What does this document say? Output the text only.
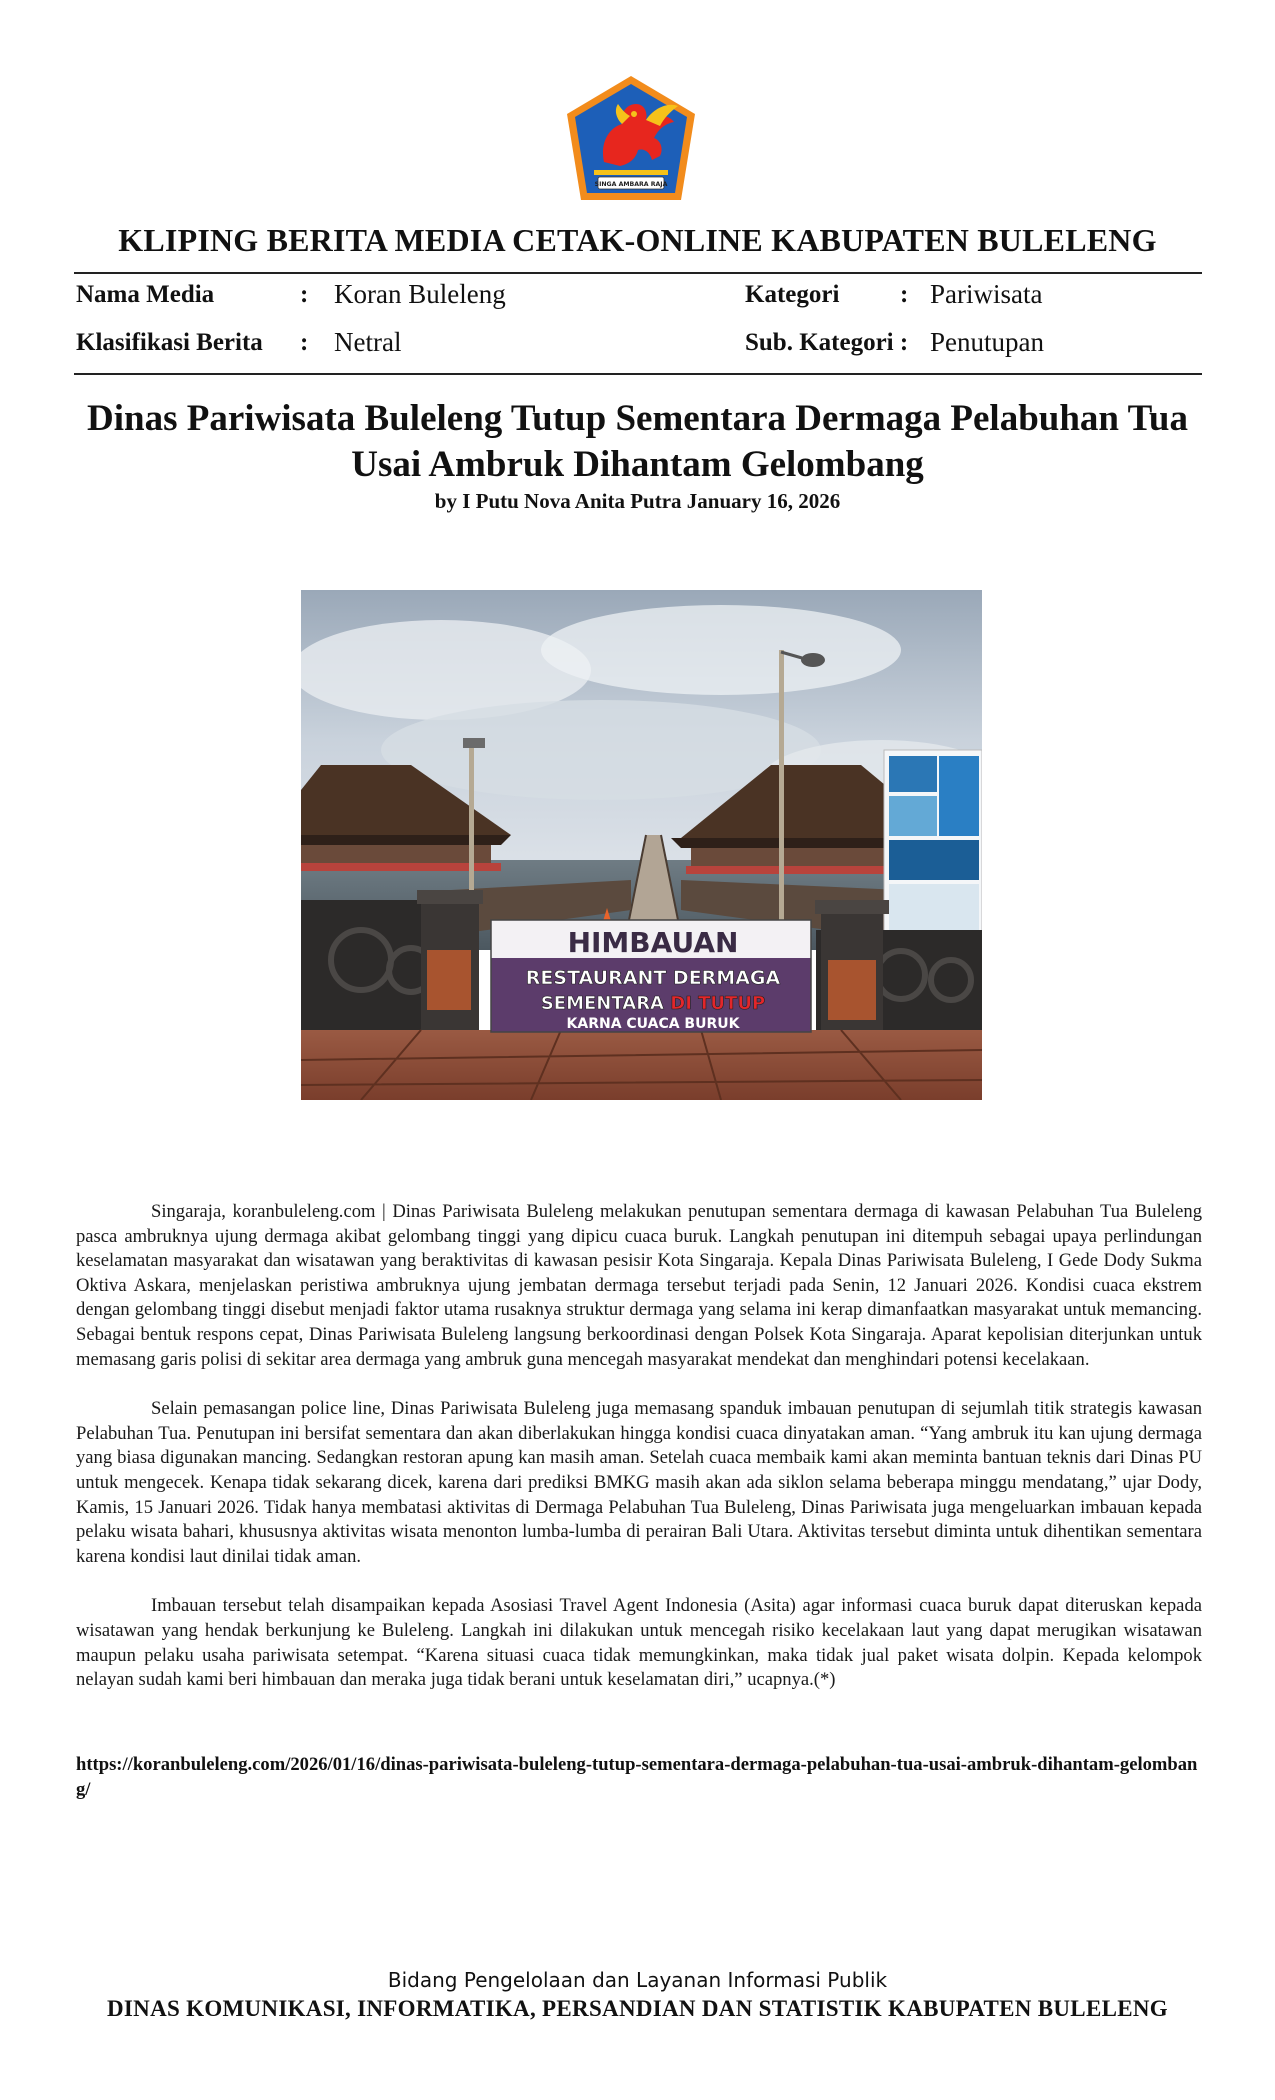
SINGA AMBARA RAJA
KLIPING BERITA MEDIA CETAK-ONLINE KABUPATEN BULELENG
Nama Media	: Koran Buleleng	Kategori : Pariwisata
Klasifikasi Berita : Netral	Sub. Kategori : Penutupan
Dinas Pariwisata Buleleng Tutup Sementara Dermaga Pelabuhan Tua Usai Ambruk Dihantam Gelombang
by I Putu Nova Anita Putra January 16, 2026
HIMBAUAN
RESTAURANT DERMAGA
SEMENTARA DI TUTUP
KARNA CUACA BURUK

Singaraja, koranbuleleng.com | Dinas Pariwisata Buleleng melakukan penutupan sementara dermaga di kawasan Pelabuhan Tua Buleleng pasca ambruknya ujung dermaga akibat gelombang tinggi yang dipicu cuaca buruk. Langkah penutupan ini ditempuh sebagai upaya perlindungan keselamatan masyarakat dan wisatawan yang beraktivitas di kawasan pesisir Kota Singaraja. Kepala Dinas Pariwisata Buleleng, I Gede Dody Sukma Oktiva Askara, menjelaskan peristiwa ambruknya ujung jembatan dermaga tersebut terjadi pada Senin, 12 Januari 2026. Kondisi cuaca ekstrem dengan gelombang tinggi disebut menjadi faktor utama rusaknya struktur dermaga yang selama ini kerap dimanfaatkan masyarakat untuk memancing. Sebagai bentuk respons cepat, Dinas Pariwisata Buleleng langsung berkoordinasi dengan Polsek Kota Singaraja. Aparat kepolisian diterjunkan untuk memasang garis polisi di sekitar area dermaga yang ambruk guna mencegah masyarakat mendekat dan menghindari potensi kecelakaan.

Selain pemasangan police line, Dinas Pariwisata Buleleng juga memasang spanduk imbauan penutupan di sejumlah titik strategis kawasan Pelabuhan Tua. Penutupan ini bersifat sementara dan akan diberlakukan hingga kondisi cuaca dinyatakan aman. “Yang ambruk itu kan ujung dermaga yang biasa digunakan mancing. Sedangkan restoran apung kan masih aman. Setelah cuaca membaik kami akan meminta bantuan teknis dari Dinas PU untuk mengecek. Kenapa tidak sekarang dicek, karena dari prediksi BMKG masih akan ada siklon selama beberapa minggu mendatang,” ujar Dody, Kamis, 15 Januari 2026. Tidak hanya membatasi aktivitas di Dermaga Pelabuhan Tua Buleleng, Dinas Pariwisata juga mengeluarkan imbauan kepada pelaku wisata bahari, khususnya aktivitas wisata menonton lumba-lumba di perairan Bali Utara. Aktivitas tersebut diminta untuk dihentikan sementara karena kondisi laut dinilai tidak aman.

Imbauan tersebut telah disampaikan kepada Asosiasi Travel Agent Indonesia (Asita) agar informasi cuaca buruk dapat diteruskan kepada wisatawan yang hendak berkunjung ke Buleleng. Langkah ini dilakukan untuk mencegah risiko kecelakaan laut yang dapat merugikan wisatawan maupun pelaku usaha pariwisata setempat. “Karena situasi cuaca tidak memungkinkan, maka tidak jual paket wisata dolpin. Kepada kelompok nelayan sudah kami beri himbauan dan meraka juga tidak berani untuk keselamatan diri,” ucapnya.(*)

https://koranbuleleng.com/2026/01/16/dinas-pariwisata-buleleng-tutup-sementara-dermaga-pelabuhan-tua-usai-ambruk-dihantam-gelombang/
Bidang Pengelolaan dan Layanan Informasi Publik
DINAS KOMUNIKASI, INFORMATIKA, PERSANDIAN DAN STATISTIK KABUPATEN BULELENG
